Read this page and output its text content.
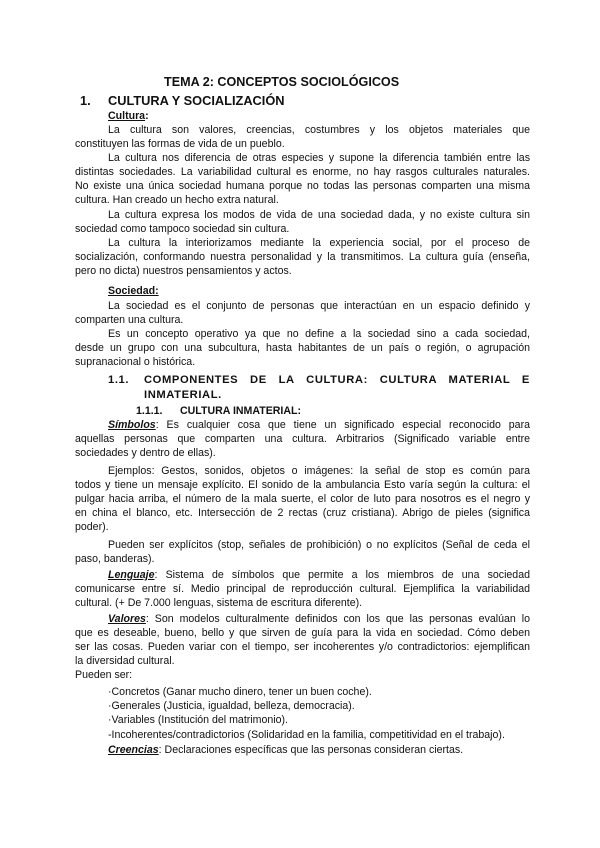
TEMA 2: CONCEPTOS SOCIOLÓGICOS
1. CULTURA Y SOCIALIZACIÓN
Cultura:
La cultura son valores, creencias, costumbres y los objetos materiales que
constituyen las formas de vida de un pueblo.
La cultura nos diferencia de otras especies y supone la diferencia también entre las
distintas sociedades. La variabilidad cultural es enorme, no hay rasgos culturales naturales.
No existe una única sociedad humana porque no todas las personas comparten una misma
cultura. Han creado un hecho extra natural.
La cultura expresa los modos de vida de una sociedad dada, y no existe cultura sin
sociedad como tampoco sociedad sin cultura.
La cultura la interiorizamos mediante la experiencia social, por el proceso de
socialización, conformando nuestra personalidad y la transmitimos. La cultura guía (enseña,
pero no dicta) nuestros pensamientos y actos.
Sociedad:
La sociedad es el conjunto de personas que interactúan en un espacio definido y
comparten una cultura.
Es un concepto operativo ya que no define a la sociedad sino a cada sociedad,
desde un grupo con una subcultura, hasta habitantes de un país o región, o agrupación
supranacional o histórica.
1.1. COMPONENTES DE LA CULTURA: CULTURA MATERIAL E
INMATERIAL.
1.1.1. CULTURA INMATERIAL:
Símbolos: Es cualquier cosa que tiene un significado especial reconocido para
aquellas personas que comparten una cultura. Arbitrarios (Significado variable entre
sociedades y dentro de ellas).
Ejemplos: Gestos, sonidos, objetos o imágenes: la señal de stop es común para
todos y tiene un mensaje explícito. El sonido de la ambulancia Esto varía según la cultura: el
pulgar hacia arriba, el número de la mala suerte, el color de luto para nosotros es el negro y
en china el blanco, etc. Intersección de 2 rectas (cruz cristiana). Abrigo de pieles (significa
poder).
Pueden ser explícitos (stop, señales de prohibición) o no explícitos (Señal de ceda el
paso, banderas).
Lenguaje: Sistema de símbolos que permite a los miembros de una sociedad
comunicarse entre sí. Medio principal de reproducción cultural. Ejemplifica la variabilidad
cultural. (+ De 7.000 lenguas, sistema de escritura diferente).
Valores: Son modelos culturalmente definidos con los que las personas evalúan lo
que es deseable, bueno, bello y que sirven de guía para la vida en sociedad. Cómo deben
ser las cosas. Pueden variar con el tiempo, ser incoherentes y/o contradictorios: ejemplifican
la diversidad cultural.
Pueden ser:
·Concretos (Ganar mucho dinero, tener un buen coche).
·Generales (Justicia, igualdad, belleza, democracia).
·Variables (Institución del matrimonio).
-Incoherentes/contradictorios (Solidaridad en la familia, competitividad en el trabajo).
Creencias: Declaraciones específicas que las personas consideran ciertas.
